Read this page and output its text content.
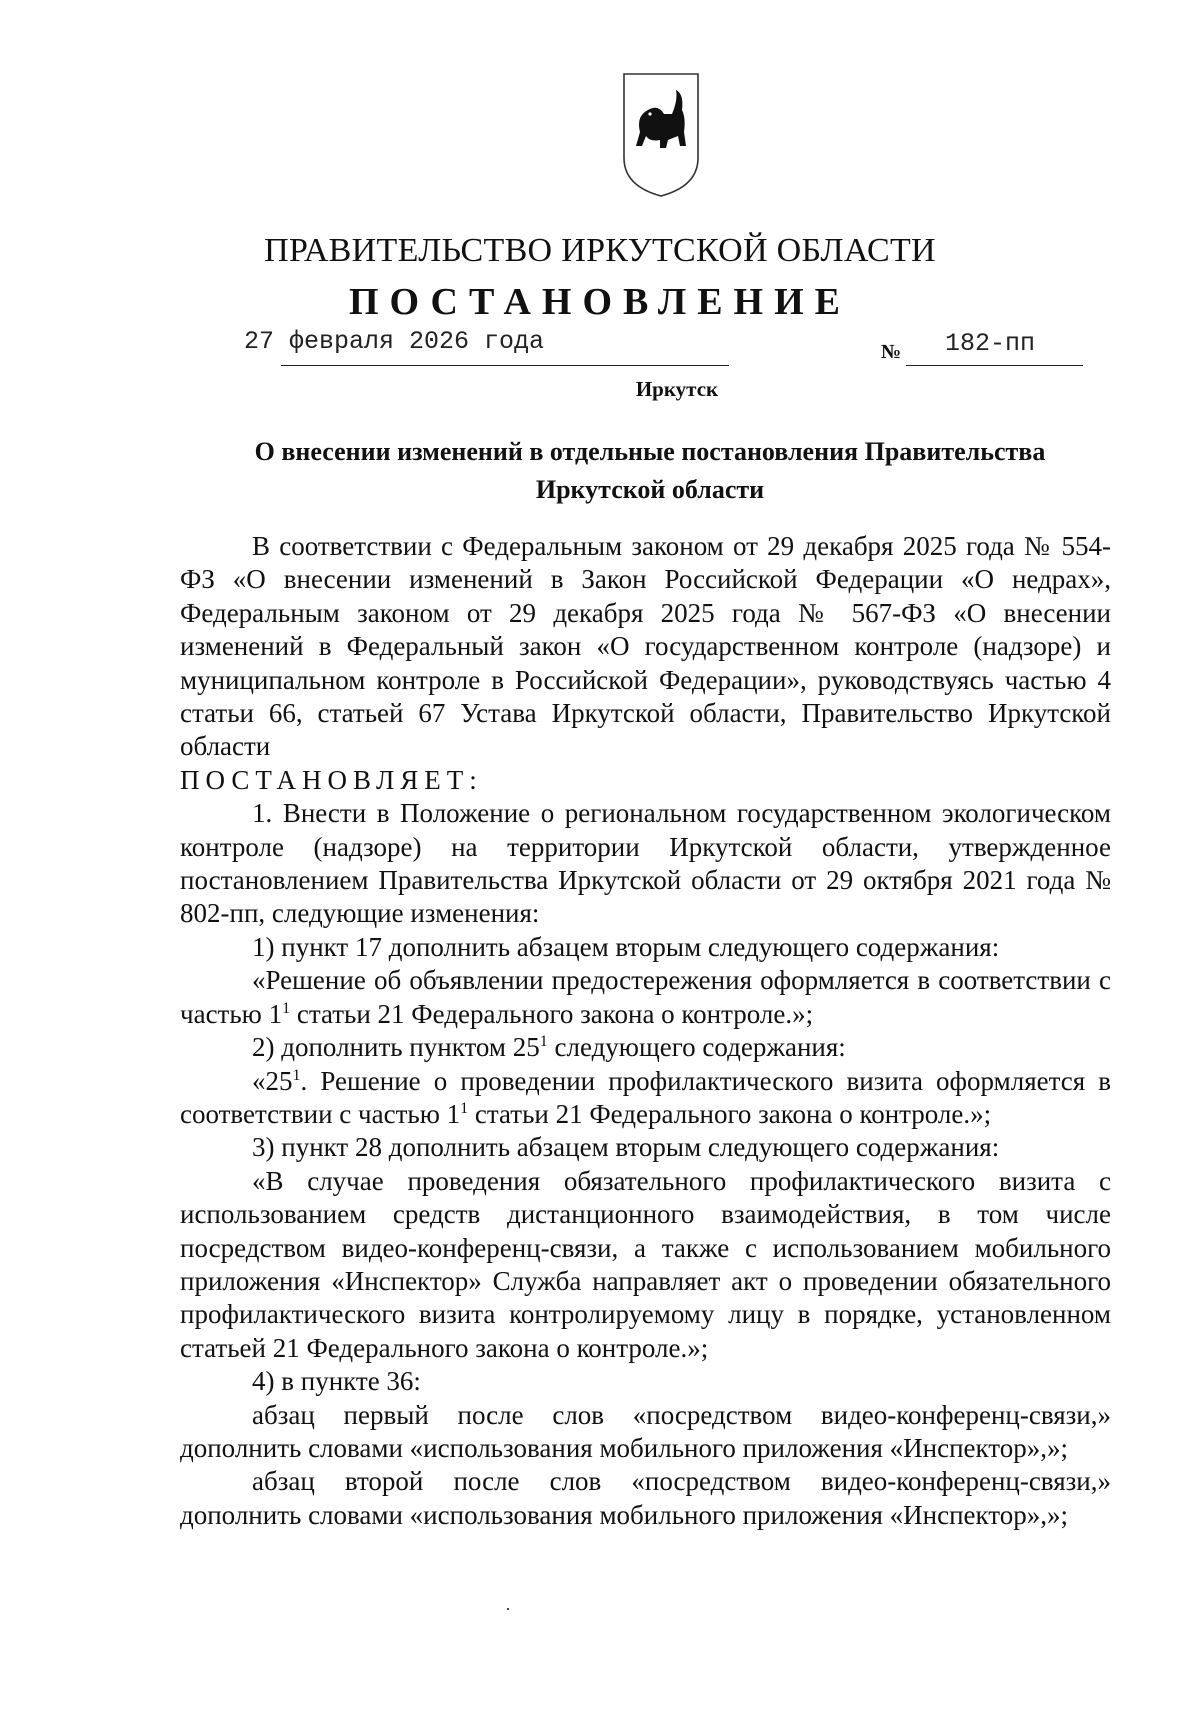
ПРАВИТЕЛЬСТВО ИРКУТСКОЙ ОБЛАСТИ
ПОСТАНОВЛЕНИЕ
27 февраля 2026 года	№ 182-пп
Иркутск
О внесении изменений в отдельные постановления Правительства
Иркутской области

В соответствии с Федеральным законом от 29 декабря 2025 года № 554-ФЗ «О внесении изменений в Закон Российской Федерации «О недрах», Федеральным законом от 29 декабря 2025 года № 567-ФЗ «О внесении изменений в Федеральный закон «О государственном контроле (надзоре) и муниципальном контроле в Российской Федерации», руководствуясь частью 4 статьи 66, статьей 67 Устава Иркутской области, Правительство Иркутской области

ПОСТАНОВЛЯЕТ:

1. Внести в Положение о региональном государственном экологическом контроле (надзоре) на территории Иркутской области, утвержденное постановлением Правительства Иркутской области от 29 октября 2021 года № 802-пп, следующие изменения:

1) пункт 17 дополнить абзацем вторым следующего содержания:

«Решение об объявлении предостережения оформляется в соответствии с частью $1^1$ статьи 21 Федерального закона о контроле.»;

2) дополнить пунктом $25^1$ следующего содержания:

«$25^1$. Решение о проведении профилактического визита оформляется в соответствии с частью $1^1$ статьи 21 Федерального закона о контроле.»;

3) пункт 28 дополнить абзацем вторым следующего содержания:

«В случае проведения обязательного профилактического визита с использованием средств дистанционного взаимодействия, в том числе посредством видео-конференц-связи, а также с использованием мобильного приложения «Инспектор» Служба направляет акт о проведении обязательного профилактического визита контролируемому лицу в порядке, установленном статьей 21 Федерального закона о контроле.»;

4) в пункте 36:

абзац первый после слов «посредством видео-конференц-связи,» дополнить словами «использования мобильного приложения «Инспектор»,»;

абзац второй после слов «посредством видео-конференц-связи,» дополнить словами «использования мобильного приложения «Инспектор»,»;
